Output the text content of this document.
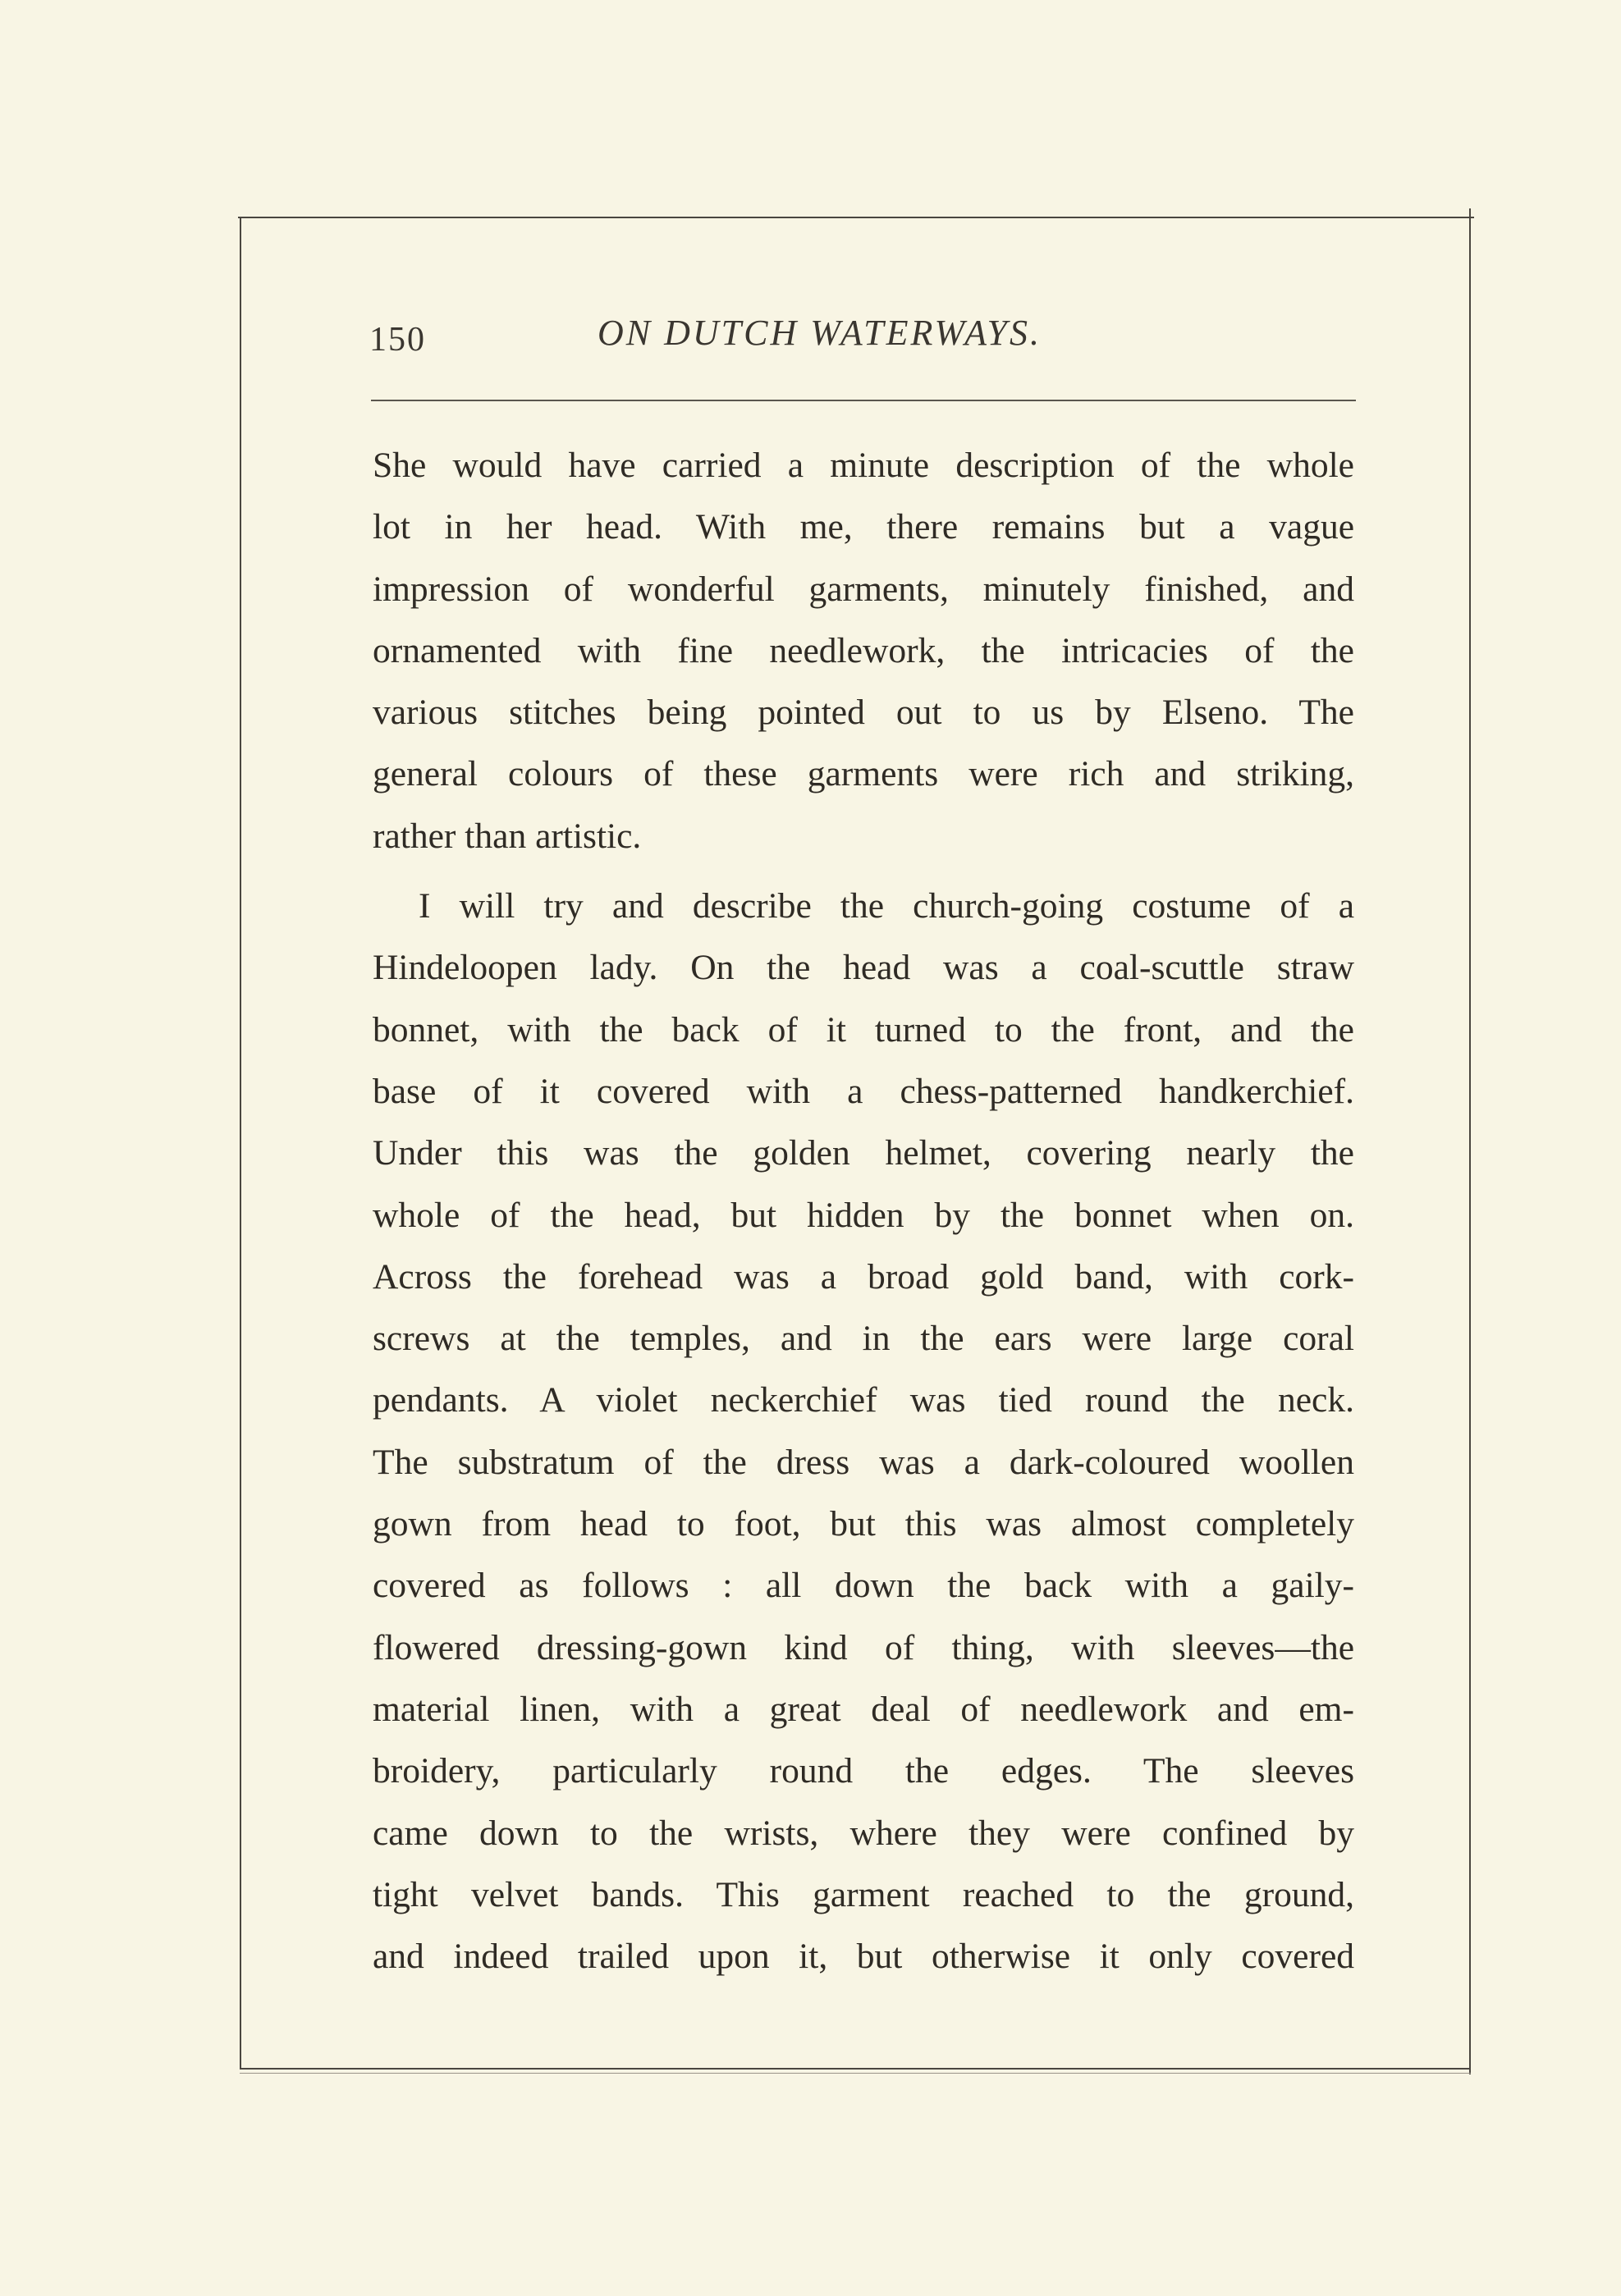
150	ON DUTCH WATERWAYS.
She would have carried a minute description of the whole
lot in her head. With me, there remains but a vague
impression of wonderful garments, minutely finished, and
ornamented with fine needlework, the intricacies of the
various stitches being pointed out to us by Elseno. The
general colours of these garments were rich and striking,
rather than artistic.
I will try and describe the church-going costume of a
Hindeloopen lady. On the head was a coal-scuttle straw
bonnet, with the back of it turned to the front, and the
base of it covered with a chess-patterned handkerchief.
Under this was the golden helmet, covering nearly the
whole of the head, but hidden by the bonnet when on.
Across the forehead was a broad gold band, with cork-
screws at the temples, and in the ears were large coral
pendants. A violet neckerchief was tied round the neck.
The substratum of the dress was a dark-coloured woollen
gown from head to foot, but this was almost completely
covered as follows : all down the back with a gaily-
flowered dressing-gown kind of thing, with sleeves—the
material linen, with a great deal of needlework and em-
broidery, particularly round the edges. The sleeves
came down to the wrists, where they were confined by
tight velvet bands. This garment reached to the ground,
and indeed trailed upon it, but otherwise it only covered
